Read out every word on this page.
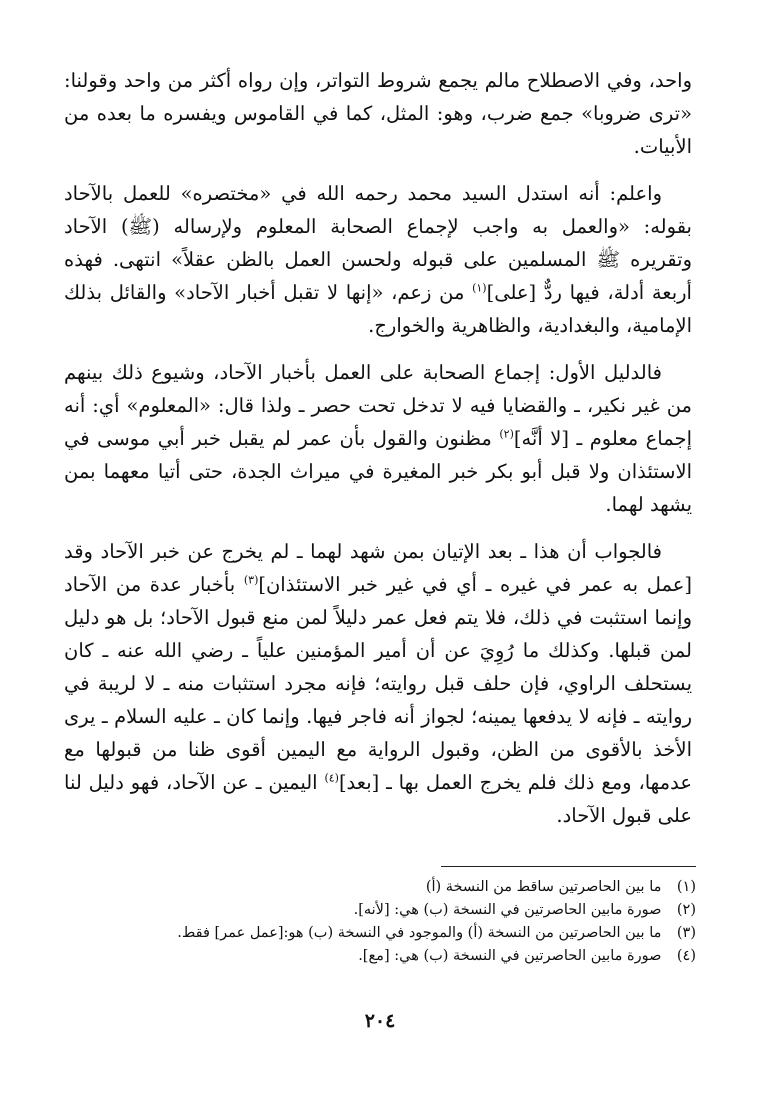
واحد، وفي الاصطلاح مالم يجمع شروط التواتر، وإن رواه أكثر من واحد وقولنا: «ترى ضروبا» جمع ضرب، وهو: المثل، كما في القاموس ويفسره ما بعده من الأبيات.

واعلم: أنه استدل السيد محمد رحمه الله في «مختصره» للعمل بالآحاد بقوله: «والعمل به واجب لإجماع الصحابة المعلوم ولإرساله (ﷺ) الآحاد وتقريره ﷺ المسلمين على قبوله ولحسن العمل بالظن عقلاً» انتهى. فهذه أربعة أدلة، فيها ردٌّ [على]$^{(١)}$ من زعم، «إنها لا تقبل أخبار الآحاد» والقائل بذلك الإمامية، والبغدادية، والظاهرية والخوارج.

فالدليل الأول: إجماع الصحابة على العمل بأخبار الآحاد، وشيوع ذلك بينهم من غير نكير، ـ والقضايا فيه لا تدخل تحت حصر ـ ولذا قال: «المعلوم» أي: أنه إجماع معلوم ـ [لا أنَّه]$^{(٢)}$ مظنون والقول بأن عمر لم يقبل خبر أبي موسى في الاستئذان ولا قبل أبو بكر خبر المغيرة في ميراث الجدة، حتى أتيا معهما بمن يشهد لهما.

فالجواب أن هذا ـ بعد الإتيان بمن شهد لهما ـ لم يخرج عن خبر الآحاد وقد [عمل به عمر في غيره ـ أي في غير خبر الاستئذان]$^{(٣)}$ بأخبار عدة من الآحاد وإنما استثبت في ذلك، فلا يتم فعل عمر دليلاً لمن منع قبول الآحاد؛ بل هو دليل لمن قبلها. وكذلك ما رُوِيَ عن أن أمير المؤمنين علياً ـ رضي الله عنه ـ كان يستحلف الراوي، فإن حلف قبل روايته؛ فإنه مجرد استثبات منه ـ لا لريبة في روايته ـ فإنه لا يدفعها يمينه؛ لجواز أنه فاجر فيها. وإنما كان ـ عليه السلام ـ يرى الأخذ بالأقوى من الظن، وقبول الرواية مع اليمين أقوى ظنا من قبولها مع عدمها، ومع ذلك فلم يخرج العمل بها ـ [بعد]$^{(٤)}$ اليمين ـ عن الآحاد، فهو دليل لنا على قبول الآحاد.

(١) ما بين الحاصرتين ساقط من النسخة (أ)
(٢) صورة مابين الحاصرتين في النسخة (ب) هي: [لأنه].
(٣) ما بين الحاصرتين من النسخة (أ) والموجود في النسخة (ب) هو:[عمل عمر] فقط.
(٤) صورة مابين الحاصرتين في النسخة (ب) هي: [مع].
٢٠٤
